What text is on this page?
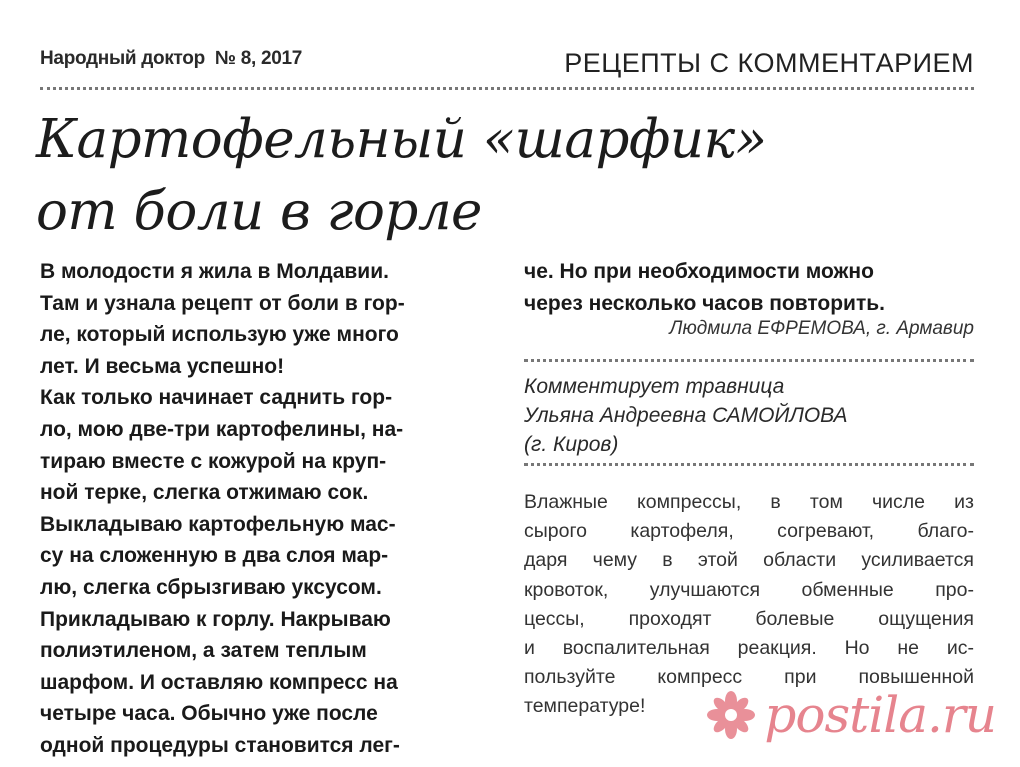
Народный доктор № 8, 2017	РЕЦЕПТЫ С КОММЕНТАРИЕМ
Картофельный «шарфик»
от боли в горле
В молодости я жила в Молдавии.
Там и узнала рецепт от боли в гор-
ле, который использую уже много
лет. И весьма успешно!
Как только начинает саднить гор-
ло, мою две-три картофелины, на-
тираю вместе с кожурой на круп-
ной терке, слегка отжимаю сок.
Выкладываю картофельную мас-
су на сложенную в два слоя мар-
лю, слегка сбрызгиваю уксусом.
Прикладываю к горлу. Накрываю
полиэтиленом, а затем теплым
шарфом. И оставляю компресс на
четыре часа. Обычно уже после
одной процедуры становится лег-
че. Но при необходимости можно
через несколько часов повторить.
Людмила ЕФРЕМОВА, г. Армавир
Комментирует травница
Ульяна Андреевна САМОЙЛОВА
(г. Киров)
Влажные компрессы, в том числе из
сырого картофеля, согревают, благо-
даря чему в этой области усиливается
кровоток, улучшаются обменные про-
цессы, проходят болевые ощущения
и воспалительная реакция. Но не ис-
пользуйте компресс при повышенной
температуре!	postila.ru
